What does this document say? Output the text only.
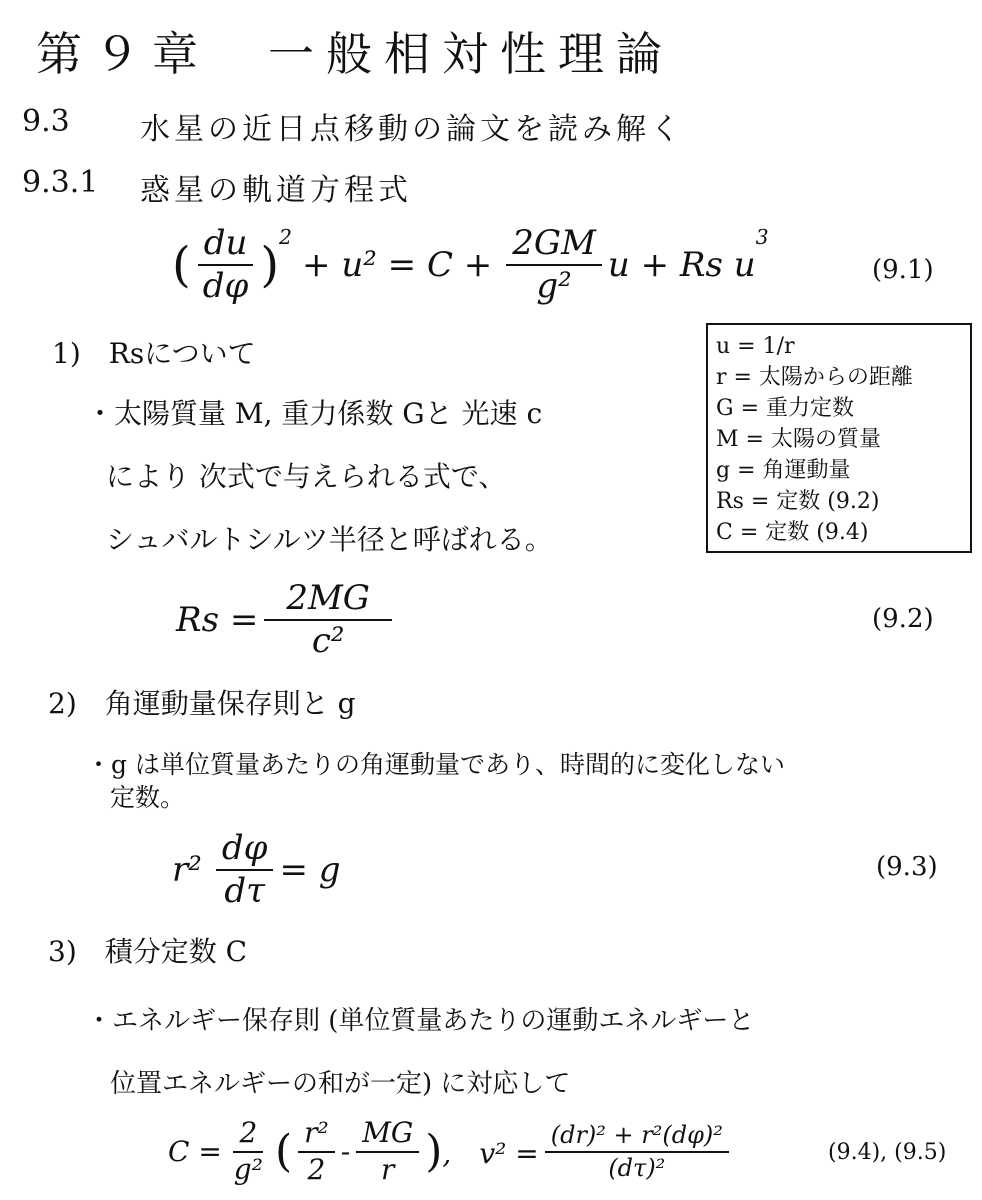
第９章　一般相対性理論
9.3 水星の近日点移動の論文を読み解く
9.3.1 惑星の軌道方程式
( $\frac{du}{d\varphi}$ )
$^2$
+ $u^2 = C + \frac{2GM}{\text{g²}}$ u + Rs u
$^3$
(9.1)
1)　Rsについて
・太陽質量 M, 重力係数 Gと 光速 c
により 次式で与えられる式で、
シュバルトシルツ半径と呼ばれる。
u = 1/r
r = 太陽からの距離
G = 重力定数
M = 太陽の質量
g = 角運動量
Rs = 定数 (9.2)
C = 定数 (9.4)
$Rs = \frac{2MG}{\text{c²}}$	(9.2)
2)　角運動量保存則と g
・g は単位質量あたりの角運動量であり、時間的に変化しない
定数。
$r^2 \frac{d\varphi}{d\tau} = g$	(9.3)
3)　積分定数 C
・エネルギー保存則 (単位質量あたりの運動エネルギーと
位置エネルギーの和が一定) に対応して
$C = \frac{2}{\text{g²}}$ ( $\frac{\text{r²}}{2} - \frac{MG}{r}$ ) ,　$v^2 = \frac{\text{(dr)² + r²(dφ)²}}{\text{(dτ)²}}$	(9.4), (9.5)
